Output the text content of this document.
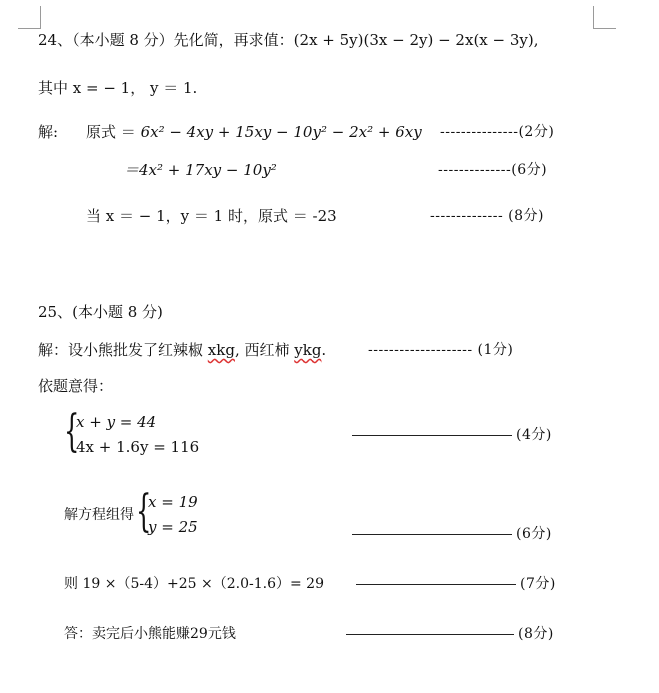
24、（本小题 8 分）先化简，再求值：(2x + 5y)(3x − 2y) − 2x(x − 3y),
其中 x = − 1， y ＝ 1.
解: 原式 ＝ 6x² − 4xy + 15xy − 10y² − 2x² + 6xy ---------------(2分)
＝4x² + 17xy − 10y²	--------------(6分)
当 x ＝ − 1，y ＝ 1 时，原式 ＝ -23	-------------- (8分)
25、(本小题 8 分)
解：设小熊批发了红辣椒 xkg, 西红柿 ykg.	-------------------- (1分)
依题意得：
{
x + y = 44
4x + 1.6y = 116
(4分)
解方程组得 {
x = 19
y = 25	(6分)
则 19 ×（5-4）+25 ×（2.0-1.6）= 29	(7分)
答：卖完后小熊能赚29元钱	(8分)
